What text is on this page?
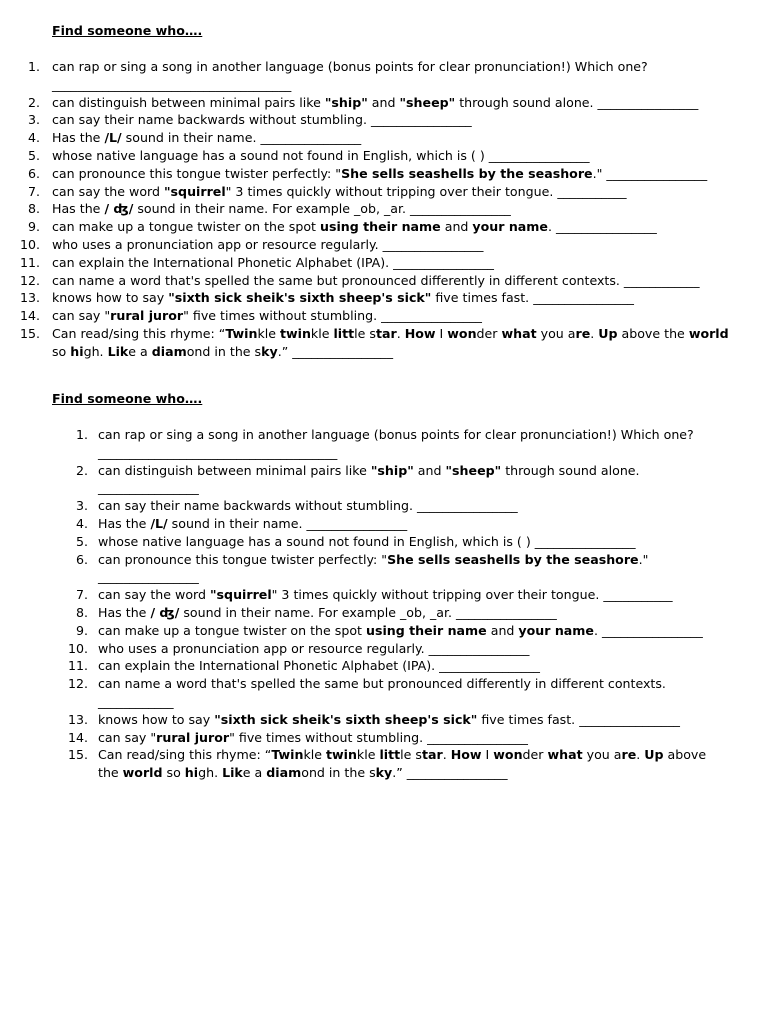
Find someone who….
1. can rap or sing a song in another language (bonus points for clear pronunciation!) Which one? ______________________________________
2. can distinguish between minimal pairs like "ship" and "sheep" through sound alone. ________________
3. can say their name backwards without stumbling. ________________
4. Has the /L/ sound in their name. ________________
5. whose native language has a sound not found in English, which is ( ) ________________
6. can pronounce this tongue twister perfectly: "She sells seashells by the seashore." ________________
7. can say the word "squirrel" 3 times quickly without tripping over their tongue. ___________
8. Has the / ʤ/ sound in their name. For example _ob, _ar. ________________
9. can make up a tongue twister on the spot using their name and your name. ________________
10. who uses a pronunciation app or resource regularly. ________________
11. can explain the International Phonetic Alphabet (IPA). ________________
12. can name a word that's spelled the same but pronounced differently in different contexts. ____________
13. knows how to say "sixth sick sheik's sixth sheep's sick" five times fast. ________________
14. can say "rural juror" five times without stumbling. ________________
15. Can read/sing this rhyme: “Twinkle twinkle little star. How I wonder what you are. Up above the world so high. Like a diamond in the sky.” ________________
Find someone who….
1. can rap or sing a song in another language (bonus points for clear pronunciation!) Which one? ______________________________________
2. can distinguish between minimal pairs like "ship" and "sheep" through sound alone. ________________
3. can say their name backwards without stumbling. ________________
4. Has the /L/ sound in their name. ________________
5. whose native language has a sound not found in English, which is ( ) ________________
6. can pronounce this tongue twister perfectly: "She sells seashells by the seashore." ________________
7. can say the word "squirrel" 3 times quickly without tripping over their tongue. ___________
8. Has the / ʤ/ sound in their name. For example _ob, _ar. ________________
9. can make up a tongue twister on the spot using their name and your name. ________________
10. who uses a pronunciation app or resource regularly. ________________
11. can explain the International Phonetic Alphabet (IPA). ________________
12. can name a word that's spelled the same but pronounced differently in different contexts. ____________
13. knows how to say "sixth sick sheik's sixth sheep's sick" five times fast. ________________
14. can say "rural juror" five times without stumbling. ________________
15. Can read/sing this rhyme: “Twinkle twinkle little star. How I wonder what you are. Up above the world so high. Like a diamond in the sky.” ________________
